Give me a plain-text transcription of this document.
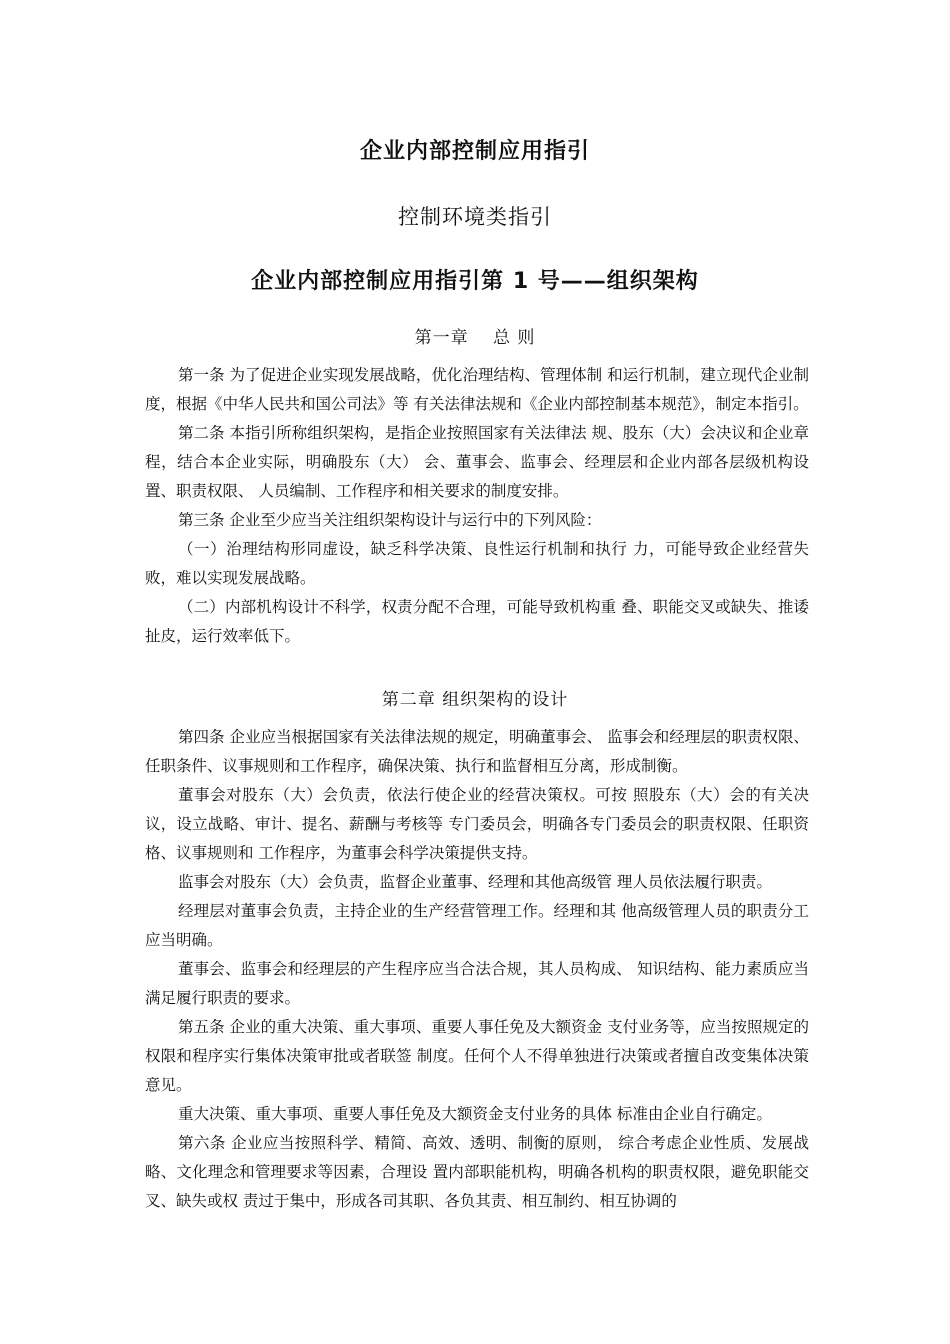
企业内部控制应用指引
控制环境类指引
企业内部控制应用指引第 1 号——组织架构
第一章　 总 则

第一条 为了促进企业实现发展战略，优化治理结构、管理体制 和运行机制，建立现代企业制度，根据《中华人民共和国公司法》等 有关法律法规和《企业内部控制基本规范》，制定本指引。

第二条 本指引所称组织架构，是指企业按照国家有关法律法 规、股东（大）会决议和企业章程，结合本企业实际，明确股东（大） 会、董事会、监事会、经理层和企业内部各层级机构设置、职责权限、 人员编制、工作程序和相关要求的制度安排。

第三条 企业至少应当关注组织架构设计与运行中的下列风险：

（一）治理结构形同虚设，缺乏科学决策、良性运行机制和执行 力，可能导致企业经营失败，难以实现发展战略。

（二）内部机构设计不科学，权责分配不合理，可能导致机构重 叠、职能交叉或缺失、推诿扯皮，运行效率低下。

第二章 组织架构的设计

第四条 企业应当根据国家有关法律法规的规定，明确董事会、 监事会和经理层的职责权限、任职条件、议事规则和工作程序，确保决策、执行和监督相互分离，形成制衡。

董事会对股东（大）会负责，依法行使企业的经营决策权。可按 照股东（大）会的有关决议，设立战略、审计、提名、薪酬与考核等 专门委员会，明确各专门委员会的职责权限、任职资格、议事规则和 工作程序，为董事会科学决策提供支持。

监事会对股东（大）会负责，监督企业董事、经理和其他高级管 理人员依法履行职责。

经理层对董事会负责，主持企业的生产经营管理工作。经理和其 他高级管理人员的职责分工应当明确。

董事会、监事会和经理层的产生程序应当合法合规，其人员构成、 知识结构、能力素质应当满足履行职责的要求。

第五条 企业的重大决策、重大事项、重要人事任免及大额资金 支付业务等，应当按照规定的权限和程序实行集体决策审批或者联签 制度。任何个人不得单独进行决策或者擅自改变集体决策意见。

重大决策、重大事项、重要人事任免及大额资金支付业务的具体 标准由企业自行确定。

第六条 企业应当按照科学、精简、高效、透明、制衡的原则， 综合考虑企业性质、发展战略、文化理念和管理要求等因素，合理设 置内部职能机构，明确各机构的职责权限，避免职能交叉、缺失或权 责过于集中，形成各司其职、各负其责、相互制约、相互协调的
